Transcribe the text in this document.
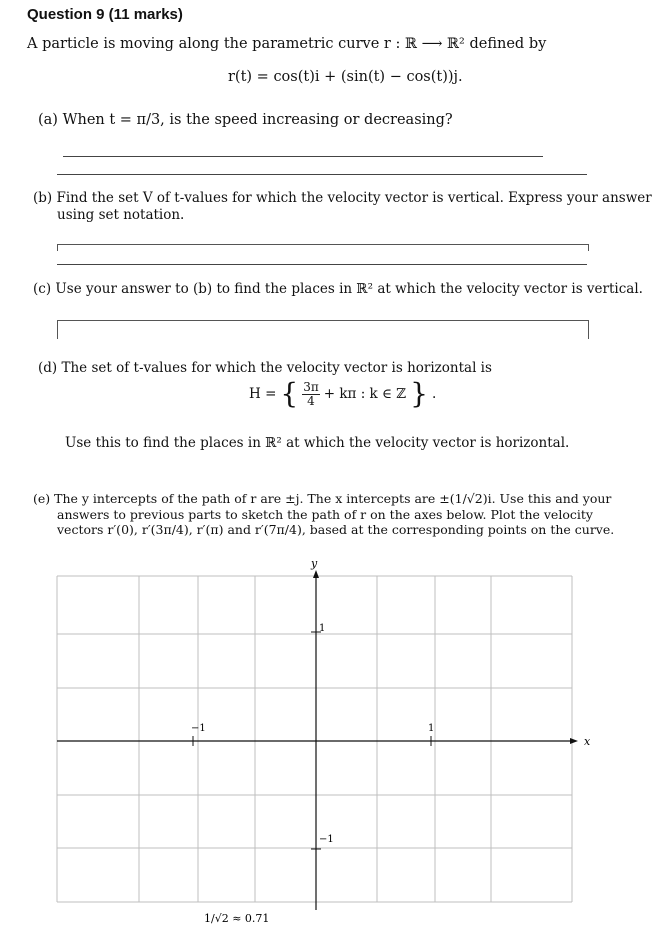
Question 9 (11 marks)
A particle is moving along the parametric curve r : ℝ ⟶ ℝ² defined by
r(t) = cos(t)i + (sin(t) − cos(t))j.
(a) When t = π/3, is the speed increasing or decreasing?
(b) Find the set V of t-values for which the velocity vector is vertical. Express your answer
using set notation.
(c) Use your answer to (b) to find the places in ℝ² at which the velocity vector is vertical.
(d) The set of t-values for which the velocity vector is horizontal is
H = { $\frac{3\pi}{4} + k\pi$ : k ∈ ℤ } .
Use this to find the places in ℝ² at which the velocity vector is horizontal.
(e) The y intercepts of the path of r are ±j. The x intercepts are ±(1/√2)i. Use this and your
answers to previous parts to sketch the path of r on the axes below. Plot the velocity
vectors r′(0), r′(3π/4), r′(π) and r′(7π/4), based at the corresponding points on the curve.
x
y
1
−1
−1	1
1/√2 ≈ 0.71
